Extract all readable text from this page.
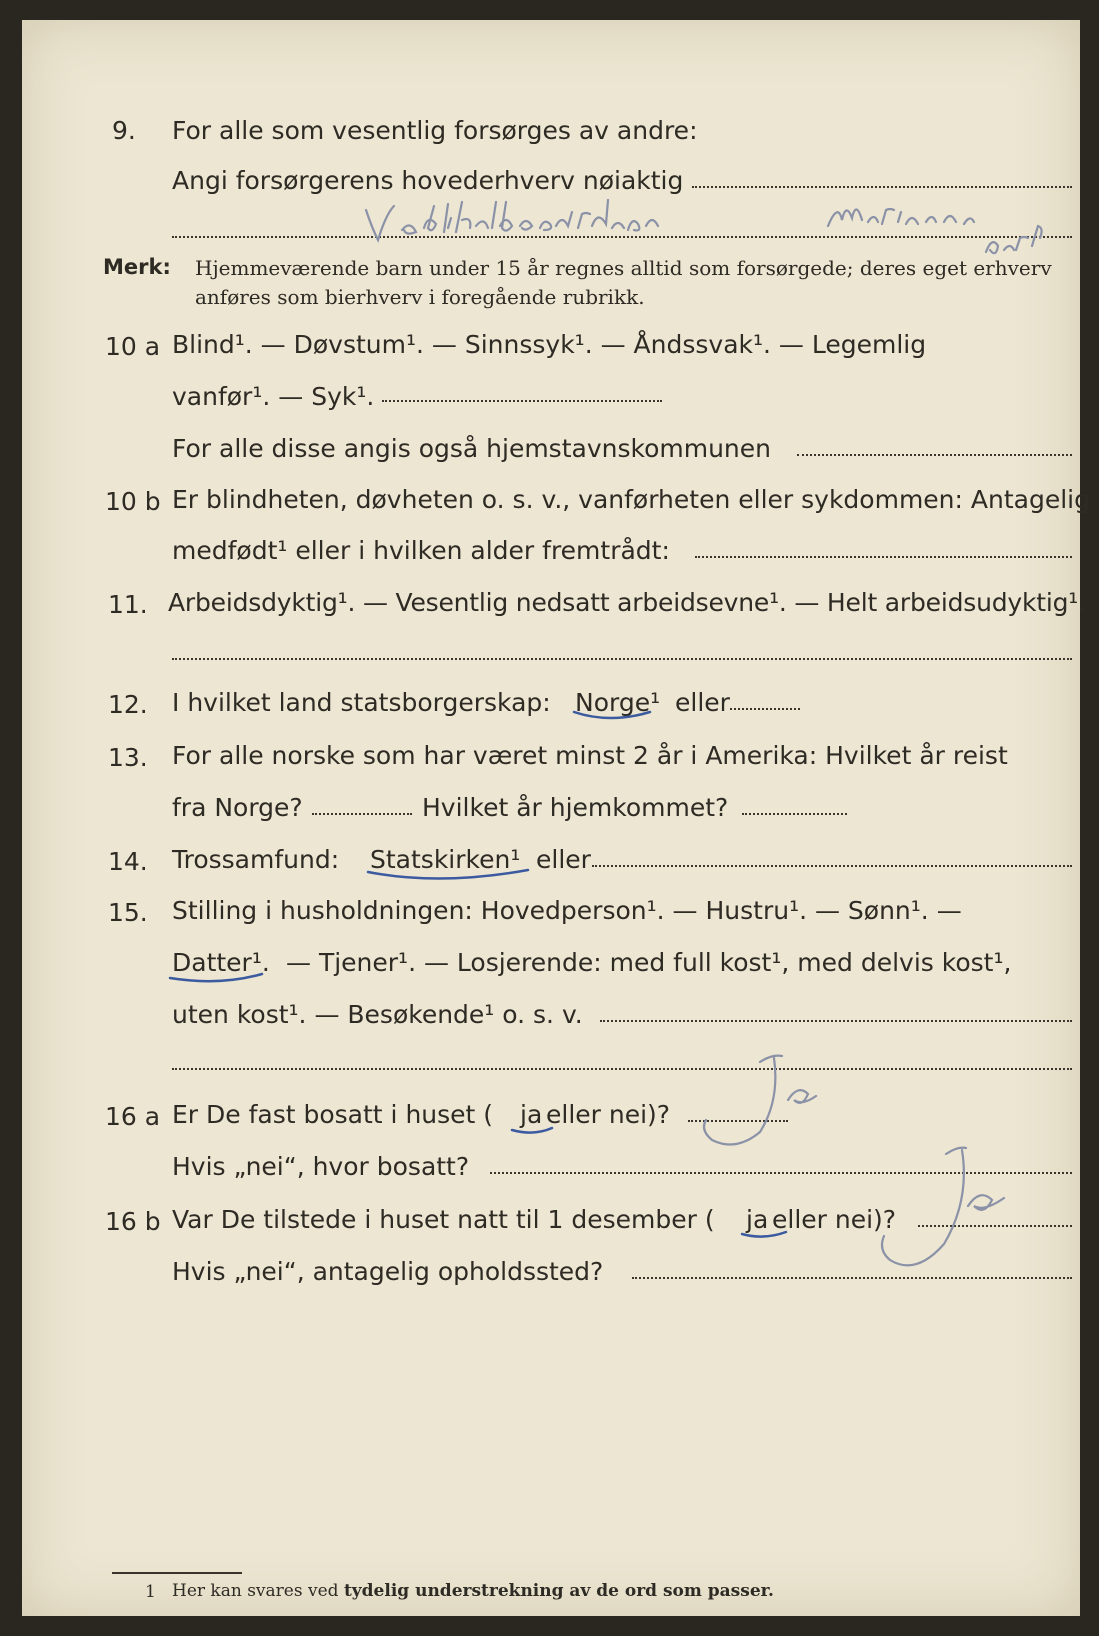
9. For alle som vesentlig forsørges av andre:
Angi forsørgerens hovederhverv nøiaktig
Merk: Hjemmeværende barn under 15 år regnes alltid som forsørgede; deres eget erhverv
anføres som bierhverv i foregående rubrikk.
10 a Blind¹. — Døvstum¹. — Sinnssyk¹. — Åndssvak¹. — Legemlig
vanfør¹. — Syk¹.
For alle disse angis også hjemstavnskommunen
10 b Er blindheten, døvheten o. s. v., vanførheten eller sykdommen: Antagelig
medfødt¹ eller i hvilken alder fremtrådt:
11. Arbeidsdyktig¹. — Vesentlig nedsatt arbeidsevne¹. — Helt arbeidsudyktig¹.
12. I hvilket land statsborgerskap: Norge¹ eller
13. For alle norske som har været minst 2 år i Amerika: Hvilket år reist
fra Norge?	Hvilket år hjemkommet?
14. Trossamfund: Statskirken¹ eller
15. Stilling i husholdningen: Hovedperson¹. — Hustru¹. — Sønn¹. —
Datter¹. — Tjener¹. — Losjerende: med full kost¹, med delvis kost¹,
uten kost¹. — Besøkende¹ o. s. v.
16 a Er De fast bosatt i huset ( ja eller nei)?
Hvis „nei“, hvor bosatt?
16 b Var De tilstede i huset natt til 1 desember ( ja eller nei)?
Hvis „nei“, antagelig opholdssted?
1 Her kan svares ved tydelig understrekning av de ord som passer.
